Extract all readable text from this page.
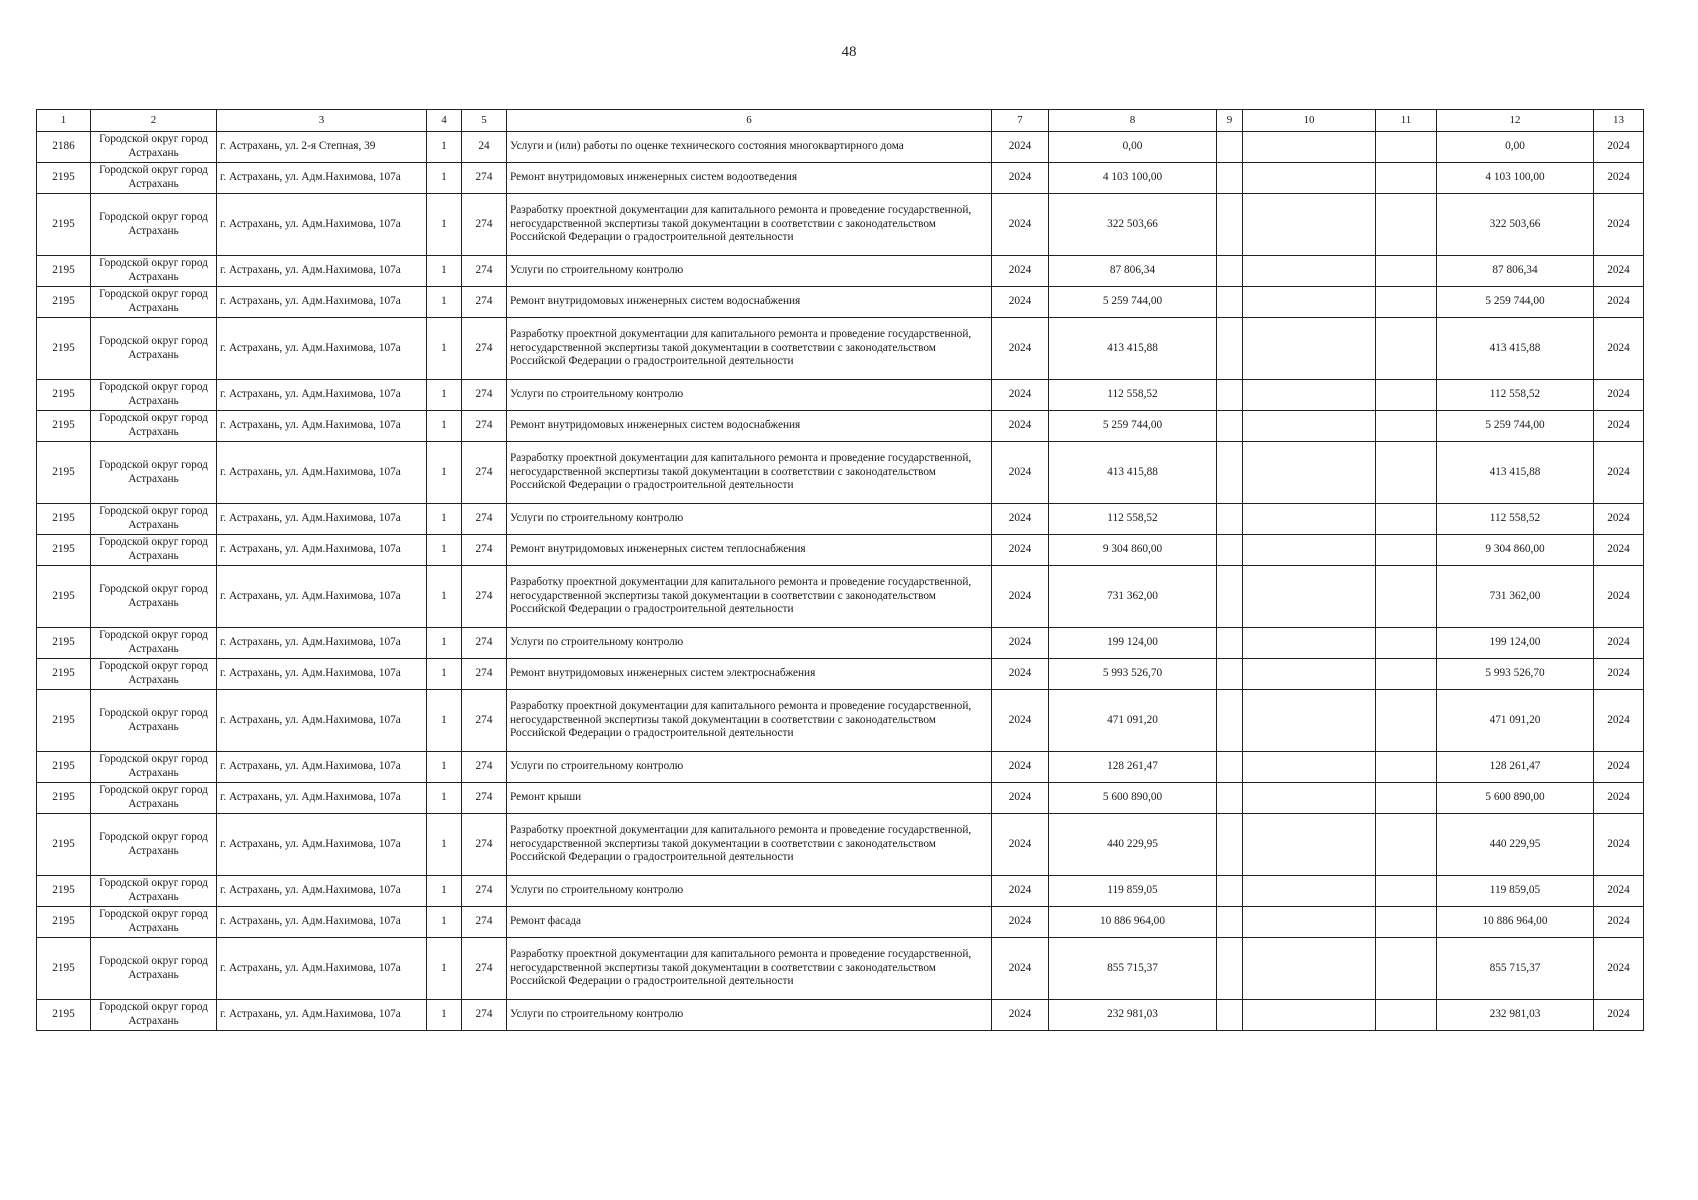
48
1	2	3	4	5	6	7	8	9	10	11	12	13
2186	Городской округ город Астрахань	г. Астрахань, ул. 2-я Степная, 39	1	24	Услуги и (или) работы по оценке технического состояния многоквартирного дома	2024	0,00				0,00	2024
2195	Городской округ город Астрахань	г. Астрахань, ул. Адм.Нахимова, 107а	1	274	Ремонт внутридомовых инженерных систем водоотведения	2024	4 103 100,00				4 103 100,00	2024
2195	Городской округ город Астрахань	г. Астрахань, ул. Адм.Нахимова, 107а	1	274	Разработку проектной документации для капитального ремонта и проведение государственной, негосударственной экспертизы такой документации в соответствии с законодательством Российской Федерации о градостроительной деятельности	2024	322 503,66				322 503,66	2024
2195	Городской округ город Астрахань	г. Астрахань, ул. Адм.Нахимова, 107а	1	274	Услуги по строительному контролю	2024	87 806,34				87 806,34	2024
2195	Городской округ город Астрахань	г. Астрахань, ул. Адм.Нахимова, 107а	1	274	Ремонт внутридомовых инженерных систем водоснабжения	2024	5 259 744,00				5 259 744,00	2024
2195	Городской округ город Астрахань	г. Астрахань, ул. Адм.Нахимова, 107а	1	274	Разработку проектной документации для капитального ремонта и проведение государственной, негосударственной экспертизы такой документации в соответствии с законодательством Российской Федерации о градостроительной деятельности	2024	413 415,88				413 415,88	2024
2195	Городской округ город Астрахань	г. Астрахань, ул. Адм.Нахимова, 107а	1	274	Услуги по строительному контролю	2024	112 558,52				112 558,52	2024
2195	Городской округ город Астрахань	г. Астрахань, ул. Адм.Нахимова, 107а	1	274	Ремонт внутридомовых инженерных систем водоснабжения	2024	5 259 744,00				5 259 744,00	2024
2195	Городской округ город Астрахань	г. Астрахань, ул. Адм.Нахимова, 107а	1	274	Разработку проектной документации для капитального ремонта и проведение государственной, негосударственной экспертизы такой документации в соответствии с законодательством Российской Федерации о градостроительной деятельности	2024	413 415,88				413 415,88	2024
2195	Городской округ город Астрахань	г. Астрахань, ул. Адм.Нахимова, 107а	1	274	Услуги по строительному контролю	2024	112 558,52				112 558,52	2024
2195	Городской округ город Астрахань	г. Астрахань, ул. Адм.Нахимова, 107а	1	274	Ремонт внутридомовых инженерных систем теплоснабжения	2024	9 304 860,00				9 304 860,00	2024
2195	Городской округ город Астрахань	г. Астрахань, ул. Адм.Нахимова, 107а	1	274	Разработку проектной документации для капитального ремонта и проведение государственной, негосударственной экспертизы такой документации в соответствии с законодательством Российской Федерации о градостроительной деятельности	2024	731 362,00				731 362,00	2024
2195	Городской округ город Астрахань	г. Астрахань, ул. Адм.Нахимова, 107а	1	274	Услуги по строительному контролю	2024	199 124,00				199 124,00	2024
2195	Городской округ город Астрахань	г. Астрахань, ул. Адм.Нахимова, 107а	1	274	Ремонт внутридомовых инженерных систем электроснабжения	2024	5 993 526,70				5 993 526,70	2024
2195	Городской округ город Астрахань	г. Астрахань, ул. Адм.Нахимова, 107а	1	274	Разработку проектной документации для капитального ремонта и проведение государственной, негосударственной экспертизы такой документации в соответствии с законодательством Российской Федерации о градостроительной деятельности	2024	471 091,20				471 091,20	2024
2195	Городской округ город Астрахань	г. Астрахань, ул. Адм.Нахимова, 107а	1	274	Услуги по строительному контролю	2024	128 261,47				128 261,47	2024
2195	Городской округ город Астрахань	г. Астрахань, ул. Адм.Нахимова, 107а	1	274	Ремонт крыши	2024	5 600 890,00				5 600 890,00	2024
2195	Городской округ город Астрахань	г. Астрахань, ул. Адм.Нахимова, 107а	1	274	Разработку проектной документации для капитального ремонта и проведение государственной, негосударственной экспертизы такой документации в соответствии с законодательством Российской Федерации о градостроительной деятельности	2024	440 229,95				440 229,95	2024
2195	Городской округ город Астрахань	г. Астрахань, ул. Адм.Нахимова, 107а	1	274	Услуги по строительному контролю	2024	119 859,05				119 859,05	2024
2195	Городской округ город Астрахань	г. Астрахань, ул. Адм.Нахимова, 107а	1	274	Ремонт фасада	2024	10 886 964,00				10 886 964,00	2024
2195	Городской округ город Астрахань	г. Астрахань, ул. Адм.Нахимова, 107а	1	274	Разработку проектной документации для капитального ремонта и проведение государственной, негосударственной экспертизы такой документации в соответствии с законодательством Российской Федерации о градостроительной деятельности	2024	855 715,37				855 715,37	2024
2195	Городской округ город Астрахань	г. Астрахань, ул. Адм.Нахимова, 107а	1	274	Услуги по строительному контролю	2024	232 981,03				232 981,03	2024
